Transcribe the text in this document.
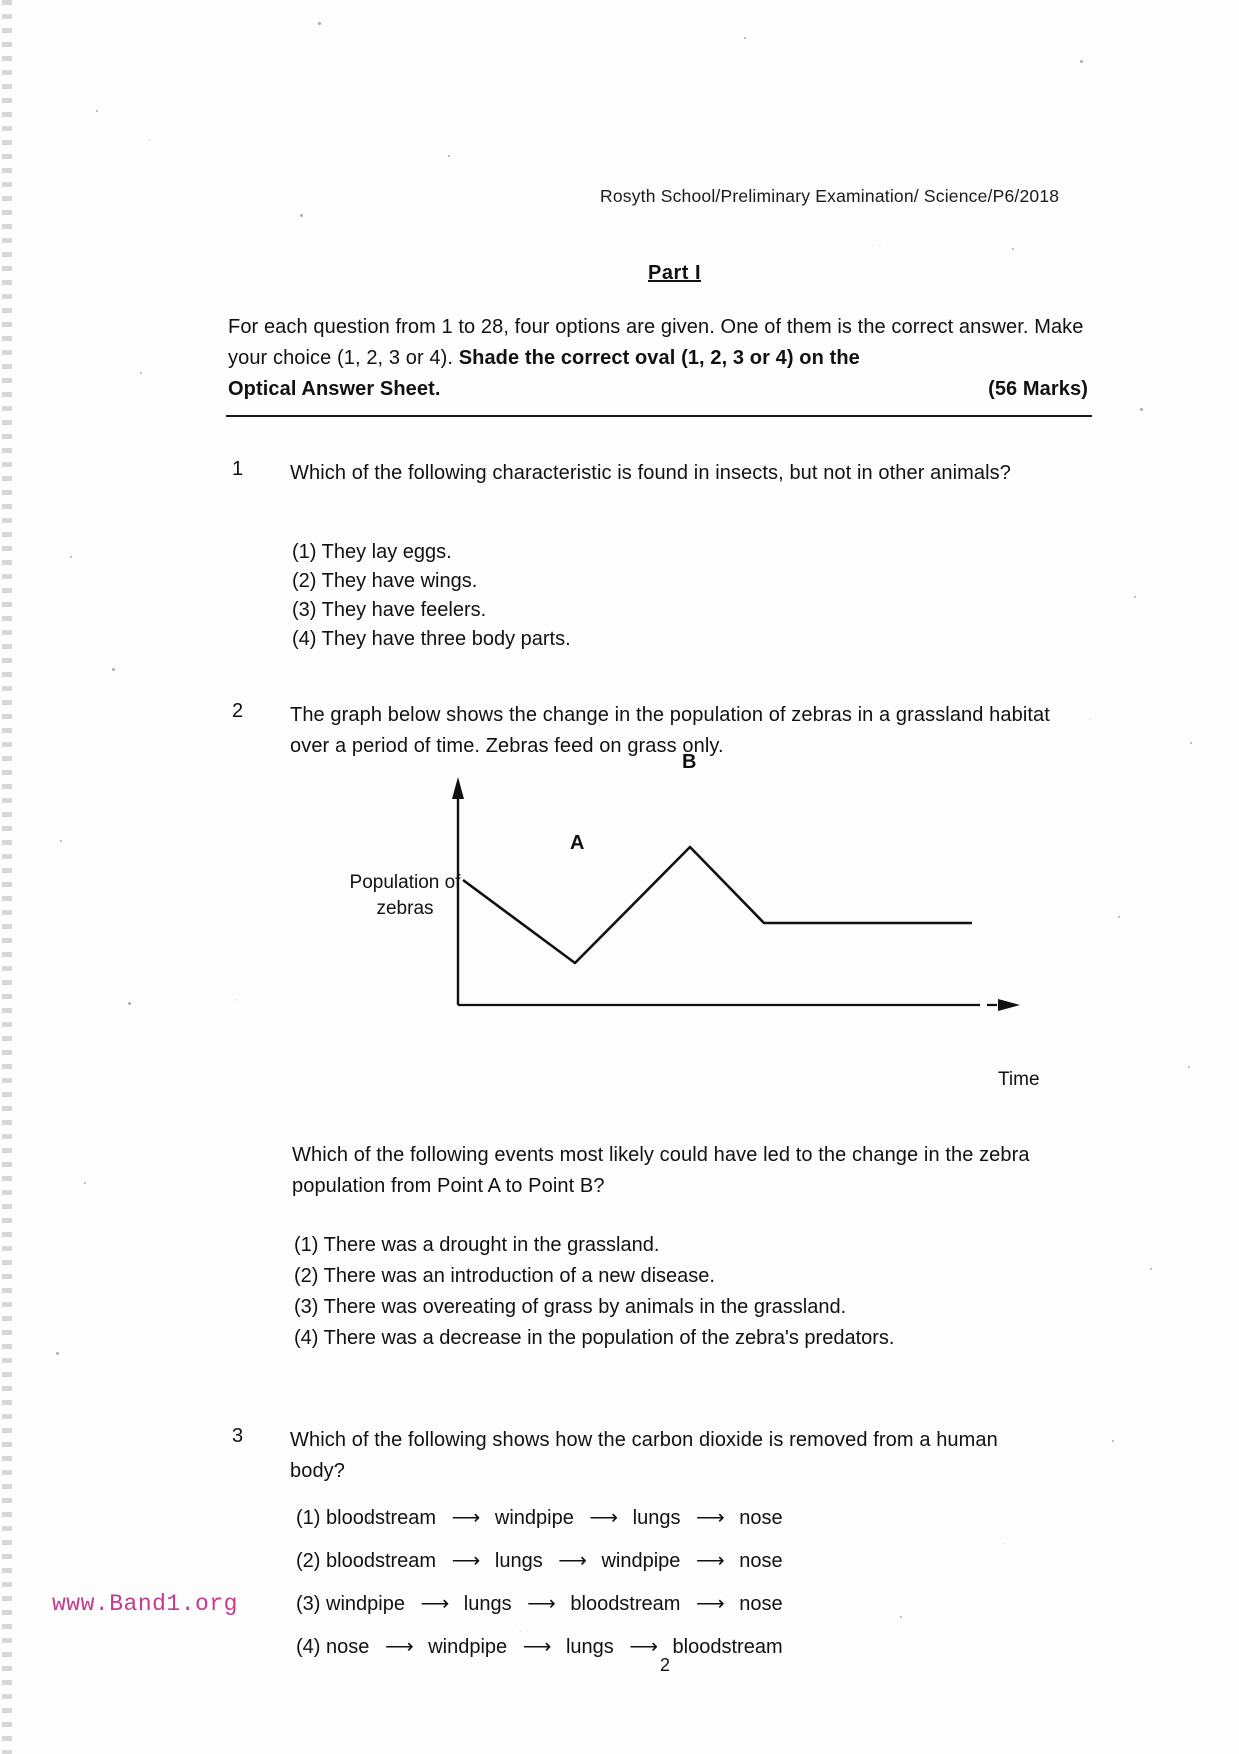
Rosyth School/Preliminary Examination/ Science/P6/2018
Part I
For each question from 1 to 28, four options are given. One of them is the correct answer. Make your choice (1, 2, 3 or 4). Shade the correct oval (1, 2, 3 or 4) on the
Optical Answer Sheet.	(56 Marks)
1 Which of the following characteristic is found in insects, but not in other animals?
(1) They lay eggs.
(2) They have wings.
(3) They have feelers.
(4) They have three body parts.
2 The graph below shows the change in the population of zebras in a grassland habitat over a period of time. Zebras feed on grass only.
Population of zebras
Time
A
B
Which of the following events most likely could have led to the change in the zebra population from Point A to Point B?
(1) There was a drought in the grassland.
(2) There was an introduction of a new disease.
(3) There was overeating of grass by animals in the grassland.
(4) There was a decrease in the population of the zebra's predators.
3 Which of the following shows how the carbon dioxide is removed from a human body?
(1) bloodstream ⟶ windpipe ⟶ lungs ⟶ nose
(2) bloodstream ⟶ lungs ⟶ windpipe ⟶ nose
(3) windpipe ⟶ lungs ⟶ bloodstream ⟶ nose
(4) nose ⟶ windpipe ⟶ lungs ⟶ bloodstream
www.Band1.org
2
